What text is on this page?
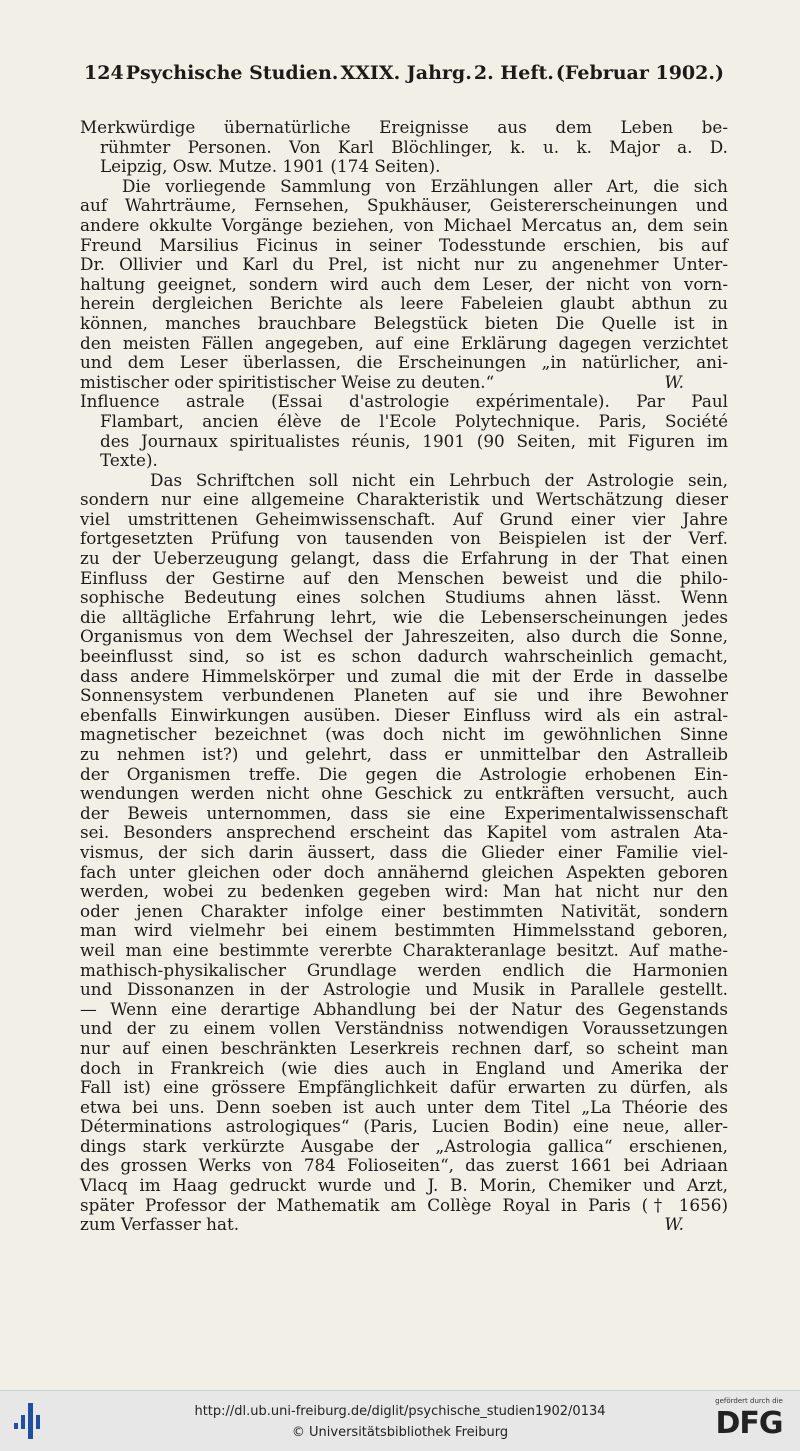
124 Psychische Studien. XXIX. Jahrg. 2. Heft. (Februar 1902.)
Merkwürdige übernatürliche Ereignisse aus dem Leben be-
rühmter Personen. Von Karl Blöchlinger, k. u. k. Major a. D.
Leipzig, Osw. Mutze. 1901 (174 Seiten).
Die vorliegende Sammlung von Erzählungen aller Art, die sich
auf Wahrträume, Fernsehen, Spukhäuser, Geistererscheinungen und
andere okkulte Vorgänge beziehen, von Michael Mercatus an, dem sein
Freund Marsilius Ficinus in seiner Todesstunde erschien, bis auf
Dr. Ollivier und Karl du Prel, ist nicht nur zu angenehmer Unter-
haltung geeignet, sondern wird auch dem Leser, der nicht von vorn-
herein dergleichen Berichte als leere Fabeleien glaubt abthun zu
können, manches brauchbare Belegstück bieten Die Quelle ist in
den meisten Fällen angegeben, auf eine Erklärung dagegen verzichtet
und dem Leser überlassen, die Erscheinungen „in natürlicher, ani-
mistischer oder spiritistischer Weise zu deuten.“	W.
Influence astrale (Essai d'astrologie expérimentale). Par Paul
Flambart, ancien élève de l'Ecole Polytechnique. Paris, Société
des Journaux spiritualistes réunis, 1901 (90 Seiten, mit Figuren im
Texte).
Das Schriftchen soll nicht ein Lehrbuch der Astrologie sein,
sondern nur eine allgemeine Charakteristik und Wertschätzung dieser
viel umstrittenen Geheimwissenschaft. Auf Grund einer vier Jahre
fortgesetzten Prüfung von tausenden von Beispielen ist der Verf.
zu der Ueberzeugung gelangt, dass die Erfahrung in der That einen
Einfluss der Gestirne auf den Menschen beweist und die philo-
sophische Bedeutung eines solchen Studiums ahnen lässt. Wenn
die alltägliche Erfahrung lehrt, wie die Lebenserscheinungen jedes
Organismus von dem Wechsel der Jahreszeiten, also durch die Sonne,
beeinflusst sind, so ist es schon dadurch wahrscheinlich gemacht,
dass andere Himmelskörper und zumal die mit der Erde in dasselbe
Sonnensystem verbundenen Planeten auf sie und ihre Bewohner
ebenfalls Einwirkungen ausüben. Dieser Einfluss wird als ein astral-
magnetischer bezeichnet (was doch nicht im gewöhnlichen Sinne
zu nehmen ist?) und gelehrt, dass er unmittelbar den Astralleib
der Organismen treffe. Die gegen die Astrologie erhobenen Ein-
wendungen werden nicht ohne Geschick zu entkräften versucht, auch
der Beweis unternommen, dass sie eine Experimentalwissenschaft
sei. Besonders ansprechend erscheint das Kapitel vom astralen Ata-
vismus, der sich darin äussert, dass die Glieder einer Familie viel-
fach unter gleichen oder doch annähernd gleichen Aspekten geboren
werden, wobei zu bedenken gegeben wird: Man hat nicht nur den
oder jenen Charakter infolge einer bestimmten Nativität, sondern
man wird vielmehr bei einem bestimmten Himmelsstand geboren,
weil man eine bestimmte vererbte Charakteranlage besitzt. Auf mathe-
mathisch-physikalischer Grundlage werden endlich die Harmonien
und Dissonanzen in der Astrologie und Musik in Parallele gestellt.
— Wenn eine derartige Abhandlung bei der Natur des Gegenstands
und der zu einem vollen Verständniss notwendigen Voraussetzungen
nur auf einen beschränkten Leserkreis rechnen darf, so scheint man
doch in Frankreich (wie dies auch in England und Amerika der
Fall ist) eine grössere Empfänglichkeit dafür erwarten zu dürfen, als
etwa bei uns. Denn soeben ist auch unter dem Titel „La Théorie des
Déterminations astrologiques“ (Paris, Lucien Bodin) eine neue, aller-
dings stark verkürzte Ausgabe der „Astrologia gallica“ erschienen,
des grossen Werks von 784 Folioseiten“, das zuerst 1661 bei Adriaan
Vlacq im Haag gedruckt wurde und J. B. Morin, Chemiker und Arzt,
später Professor der Mathematik am Collège Royal in Paris († 1656)
zum Verfasser hat.	W.
http://dl.ub.uni-freiburg.de/diglit/psychische_studien1902/0134
© Universitätsbibliothek Freiburg
gefördert durch die
DFG
